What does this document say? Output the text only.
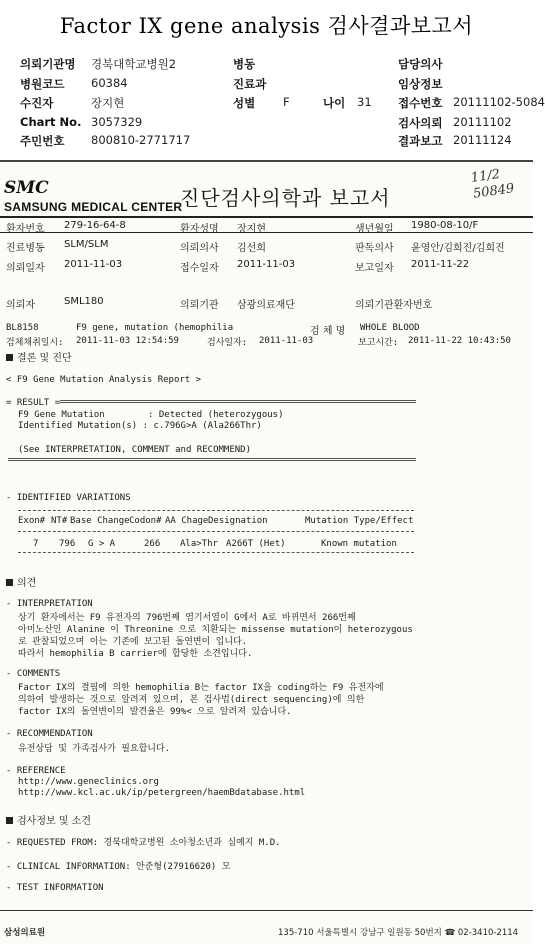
Factor IX gene analysis 검사결과보고서
의뢰기관명 경북대학교병원2	병동	담당의사
병원코드 60384	진료과	임상정보
수진자	장지현	성별 F	나이 31 접수번호 20111102-5084
Chart No. 3057329	검사의뢰 20111102
주민번호 800810-2771717	결과보고 20111124
SMC
SAMSUNG MEDICAL CENTER
진단검사의학과 보고서
11/2
50849
환자번호 279-16-64-8	환자성명 장지현	생년월일 1980-08-10/F
진료병동 SLM/SLM	의뢰의사 김선희	판독의사 윤영안/김희진/김희진
의뢰일자 2011-11-03	접수일자 2011-11-03	보고일자 2011-11-22
의뢰자	SML180	의뢰기관 삼광의료재단	의뢰기관환자번호
BL8158	F9 gene, mutation (hemophilia	검 체 명 WHOLE BLOOD
검체채취일시: 2011-11-03 12:54:59	검사일자: 2011-11-03	보고시간: 2011-11-22 10:43:50
결론 및 진단
< F9 Gene Mutation Analysis Report >
= RESULT =
F9 Gene Mutation        : Detected (heterozygous)
Identified Mutation(s) : c.796G>A (Ala266Thr)
(See INTERPRETATION, COMMENT and RECOMMEND)
- IDENTIFIED VARIATIONS
Exon# NT# Base Change Codon# AA Chage Designation	Mutation Type/Effect
7 796 G > A	266 Ala>Thr A266T (Het)	Known mutation
의견
- INTERPRETATION
상기 환자에서는 F9 유전자의 796번째 염기서열이 G에서 A로 바뀌면서 266번째
아미노산인 Alanine 이 Threonine 으로 치환되는 missense mutation이 heterozygous
로 관찰되었으며 이는 기존에 보고된 돌연변이 입니다.
따라서 hemophilia B carrier에 합당한 소견입니다.
- COMMENTS
Factor IX의 결핍에 의한 hemophilia B는 factor IX을 coding하는 F9 유전자에
의하여 발생하는 것으로 알려져 있으며, 본 검사법(direct sequencing)에 의한
factor IX의 돌연변이의 발견율은 99%< 으로 알려져 있습니다.
- RECOMMENDATION
유전상담 및 가족검사가 필요합니다.
- REFERENCE
http://www.geneclinics.org
http://www.kcl.ac.uk/ip/petergreen/haemBdatabase.html
검사정보 및 소견
- REQUESTED FROM: 경북대학교병원 소아청소년과 심예지 M.D.
- CLINICAL INFORMATION: 안준형(27916620) 모
- TEST INFORMATION
삼성의료원	135-710 서울특별시 강남구 일원동 50번지 ☎ 02-3410-2114
